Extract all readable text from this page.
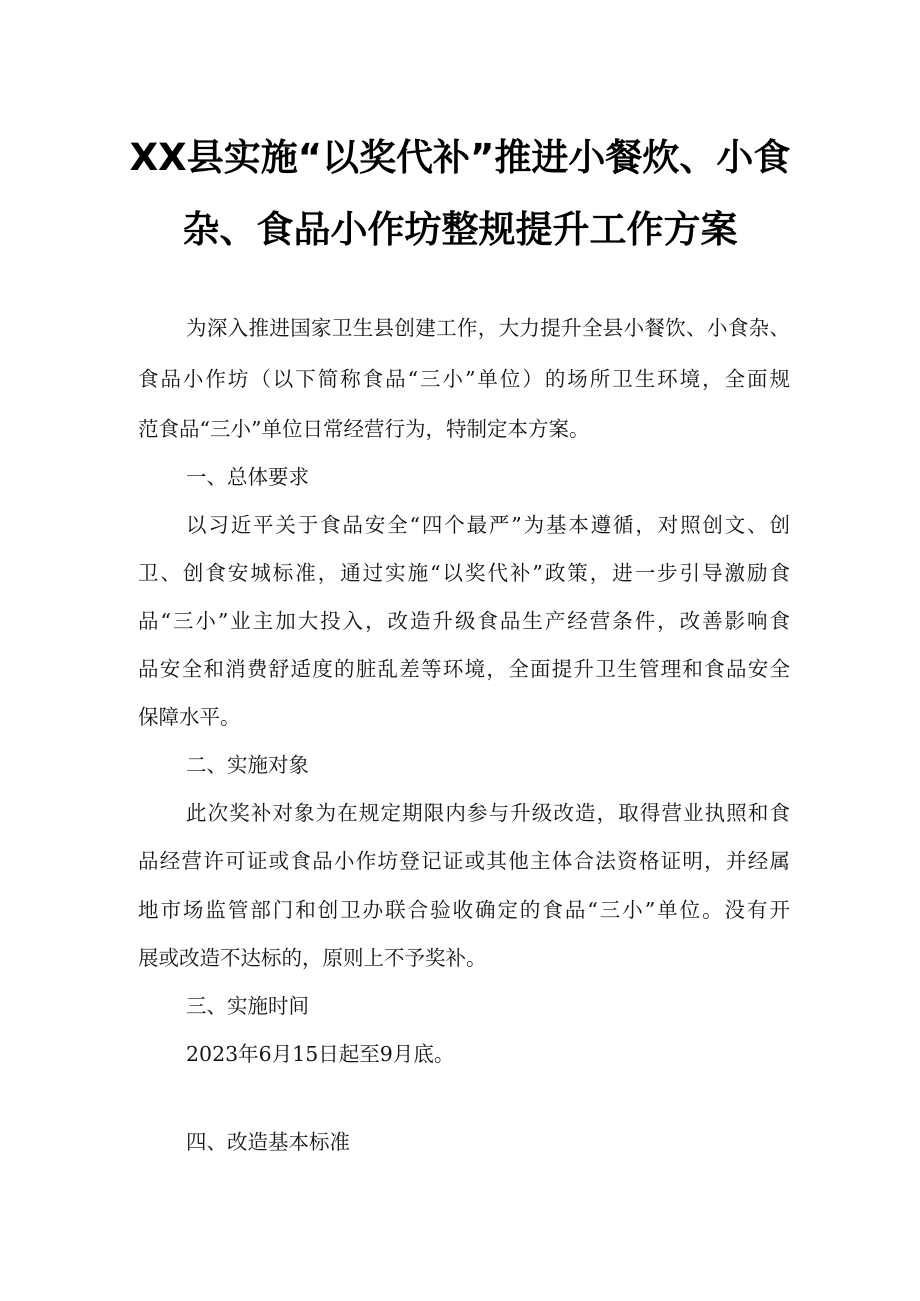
XX县实施“以奖代补”推进小餐炊、小食
杂、食品小作坊整规提升工作方案
为深入推进国家卫生县创建工作，大力提升全县小餐饮、小食杂、
食品小作坊（以下简称食品“三小”单位）的场所卫生环境，全面规
范食品“三小”单位日常经营行为，特制定本方案。
一、总体要求
以习近平关于食品安全“四个最严”为基本遵循，对照创文、创
卫、创食安城标准，通过实施“以奖代补”政策，进一步引导激励食
品“三小”业主加大投入，改造升级食品生产经营条件，改善影响食
品安全和消费舒适度的脏乱差等环境，全面提升卫生管理和食品安全
保障水平。
二、实施对象
此次奖补对象为在规定期限内参与升级改造，取得营业执照和食
品经营许可证或食品小作坊登记证或其他主体合法资格证明，并经属
地市场监管部门和创卫办联合验收确定的食品“三小”单位。没有开
展或改造不达标的，原则上不予奖补。
三、实施时间
2023年6月15日起至9月底。
四、改造基本标准
